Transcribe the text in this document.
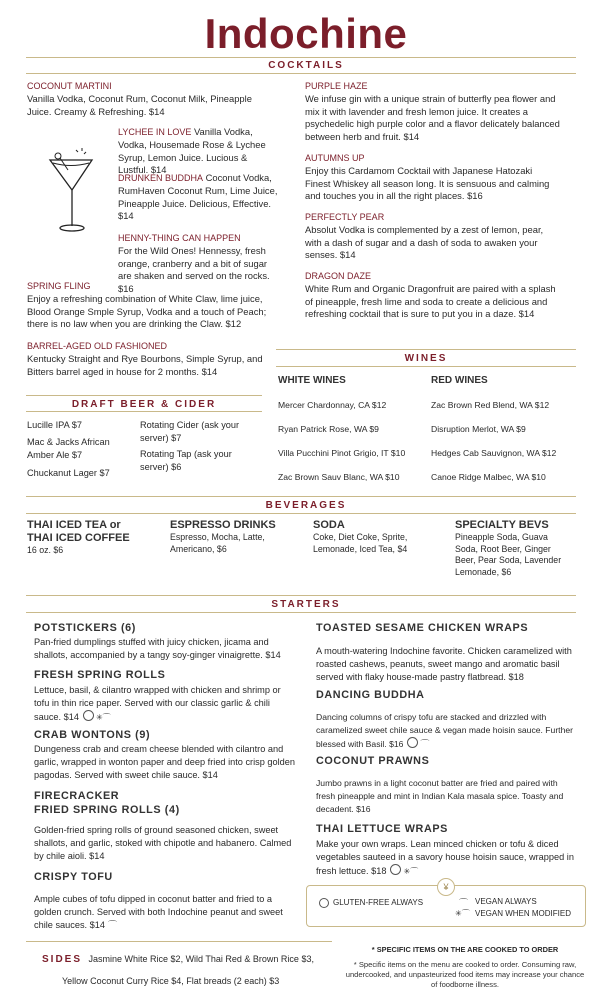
Indochine
COCKTAILS
COCONUT MARTINI
Vanilla Vodka, Coconut Rum, Coconut Milk, Pineapple Juice. Creamy & Refreshing. $14
LYCHEE IN LOVE Vanilla Vodka, Vodka, Housemade Rose & Lychee Syrup, Lemon Juice. Lucious & Lustful. $14
DRUNKEN BUDDHA Coconut Vodka, RumHaven Coconut Rum, Lime Juice, Pineapple Juice. Delicious, Effective. $14
HENNY-THING CAN HAPPEN
For the Wild Ones! Hennessy, fresh orange, cranberry and a bit of sugar are shaken and served on the rocks. $16
SPRING FLING
Enjoy a refreshing combination of White Claw, lime juice, Blood Orange Smple Syrup, Vodka and a touch of Peach; there is no law when you are drinking the Claw. $12
BARREL-AGED OLD FASHIONED
Kentucky Straight and Rye Bourbons, Simple Syrup, and Bitters barrel aged in house for 2 months. $14
PURPLE HAZE
We infuse gin with a unique strain of butterfly pea flower and mix it with lavender and fresh lemon juice. It creates a psychedelic high purple color and a flavor delicately balanced between herb and fruit. $14
AUTUMNS UP
Enjoy this Cardamom Cocktail with Japanese Hatozaki Finest Whiskey all season long. It is sensuous and calming and touches you in all the right places. $16
PERFECTLY PEAR
Absolut Vodka is complemented by a zest of lemon, pear, with a dash of sugar and a dash of soda to awaken your senses. $14
DRAGON DAZE
White Rum and Organic Dragonfruit are paired with a splash of pineapple, fresh lime and soda to create a delicious and refreshing cocktail that is sure to put you in a daze. $14
WINES
WHITE WINES	RED WINES
Mercer Chardonnay, CA $12
Ryan Patrick Rose, WA $9
Villa Pucchini Pinot Grigio, IT $10
Zac Brown Sauv Blanc, WA $10
Zac Brown Red Blend, WA $12
Disruption Merlot, WA $9
Hedges Cab Sauvignon, WA $12
Canoe Ridge Malbec, WA $10
DRAFT BEER & CIDER
Lucille IPA $7
Mac & Jacks African Amber Ale $7
Chuckanut Lager $7
Rotating Cider (ask your server) $7
Rotating Tap (ask your server) $6
BEVERAGES
THAI ICED TEA or THAI ICED COFFEE
16 oz. $6
ESPRESSO DRINKS
Espresso, Mocha, Latte, Americano, $6
SODA
Coke, Diet Coke, Sprite, Lemonade, Iced Tea, $4
SPECIALTY BEVS
Pineapple Soda, Guava Soda, Root Beer, Ginger Beer, Pear Soda, Lavender Lemonade, $6
STARTERS
POTSTICKERS (6)
Pan-fried dumplings stuffed with juicy chicken, jicama and shallots, accompanied by a tangy soy-ginger vinaigrette. $14
FRESH SPRING ROLLS
Lettuce, basil, & cilantro wrapped with chicken and shrimp or tofu in thin rice paper. Served with our classic garlic & chili sauce. $14 ✳⌒
CRAB WONTONS (9)
Dungeness crab and cream cheese blended with cilantro and garlic, wrapped in wonton paper and deep fried into crisp golden pagodas. Served with sweet chile sauce. $14
FIRECRACKER
FRIED SPRING ROLLS (4)
Golden-fried spring rolls of ground seasoned chicken, sweet shallots, and garlic, stoked with chipotle and habanero. Calmed by chile aioli. $14
CRISPY TOFU
Ample cubes of tofu dipped in coconut batter and fried to a golden crunch. Served with both Indochine peanut and sweet chile sauces. $14 ⌒
TOASTED SESAME CHICKEN WRAPS
A mouth-watering Indochine favorite. Chicken caramelized with roasted cashews, peanuts, sweet mango and aromatic basil served with flaky house-made pastry flatbread. $18
DANCING BUDDHA
Dancing columns of crispy tofu are stacked and drizzled with caramelized sweet chile sauce & vegan made hoisin sauce. Further blessed with Basil. $16 ⌒
COCONUT PRAWNS
Jumbo prawns in a light coconut batter are fried and paired with fresh pineapple and mint in Indian Kala masala spice. Toasty and decadent. $16
THAI LETTUCE WRAPS
Make your own wraps. Lean minced chicken or tofu & diced vegetables sauteed in a savory house hoisin sauce, wrapped in fresh lettuce. $18 ✳⌒
¥
GLUTEN-FREE ALWAYS	⌒ VEGAN ALWAYS
✳⌒ VEGAN WHEN MODIFIED
SIDES Jasmine White Rice $2, Wild Thai Red & Brown Rice $3,
Yellow Coconut Curry Rice $4, Flat breads (2 each) $3
* SPECIFIC ITEMS ON THE ARE COOKED TO ORDER
* Specific items on the menu are cooked to order. Consuming raw, undercooked, and unpasteurized food items may increase your chance of foodborne illness.
